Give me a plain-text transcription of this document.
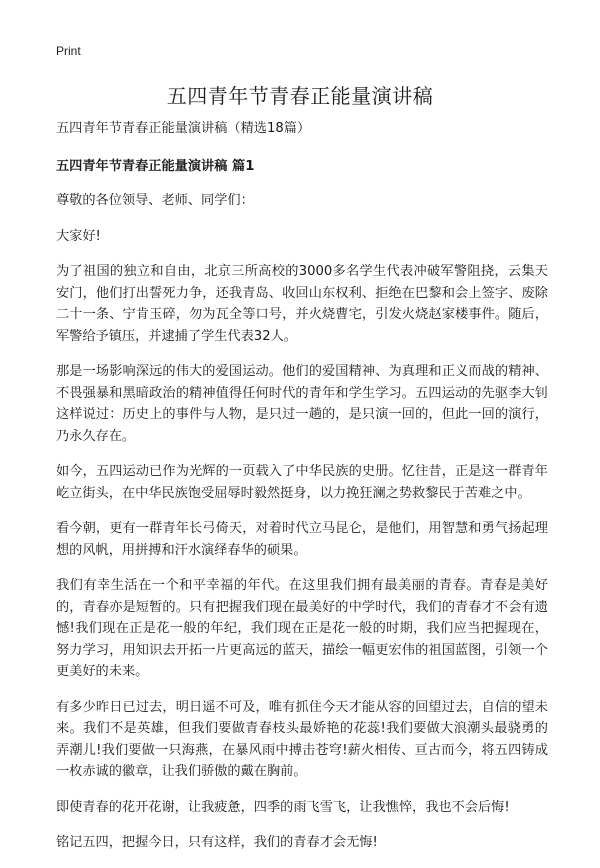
Print
五四青年节青春正能量演讲稿

五四青年节青春正能量演讲稿（精选18篇）

五四青年节青春正能量演讲稿 篇1

尊敬的各位领导、老师、同学们：

大家好!

为了祖国的独立和自由，北京三所高校的3000多名学生代表冲破军警阻挠，云集天安门，他们打出誓死力争，还我青岛、收回山东权利、拒绝在巴黎和会上签字、废除二十一条、宁肯玉碎，勿为瓦全等口号，并火烧曹宅，引发火烧赵家楼事件。随后，军警给予镇压，并逮捕了学生代表32人。

那是一场影响深远的伟大的爱国运动。他们的爱国精神、为真理和正义而战的精神、不畏强暴和黑暗政治的精神值得任何时代的青年和学生学习。五四运动的先驱李大钊这样说过：历史上的事件与人物，是只过一趟的，是只演一回的，但此一回的演行，乃永久存在。

如今，五四运动已作为光辉的一页载入了中华民族的史册。忆往昔，正是这一群青年屹立街头，在中华民族饱受屈辱时毅然挺身，以力挽狂澜之势救黎民于苦难之中。

看今朝，更有一群青年长弓倚天，对着时代立马昆仑，是他们，用智慧和勇气扬起理想的风帆，用拼搏和汗水演绎春华的硕果。

我们有幸生活在一个和平幸福的年代。在这里我们拥有最美丽的青春。青春是美好的，青春亦是短暂的。只有把握我们现在最美好的中学时代，我们的青春才不会有遗憾!我们现在正是花一般的年纪，我们现在正是花一般的时期，我们应当把握现在，努力学习，用知识去开拓一片更高远的蓝天，描绘一幅更宏伟的祖国蓝图，引领一个更美好的未来。

有多少昨日已过去，明日遥不可及，唯有抓住今天才能从容的回望过去，自信的望未来。我们不是英雄，但我们要做青春枝头最娇艳的花蕊!我们要做大浪潮头最骁勇的弄潮儿!我们要做一只海燕，在暴风雨中搏击苍穹!薪火相传、亘古而今，将五四铸成一枚赤诚的徽章，让我们骄傲的戴在胸前。

即使青春的花开花谢，让我疲惫，四季的雨飞雪飞，让我憔悴，我也不会后悔!

铭记五四，把握今日，只有这样，我们的青春才会无悔!
